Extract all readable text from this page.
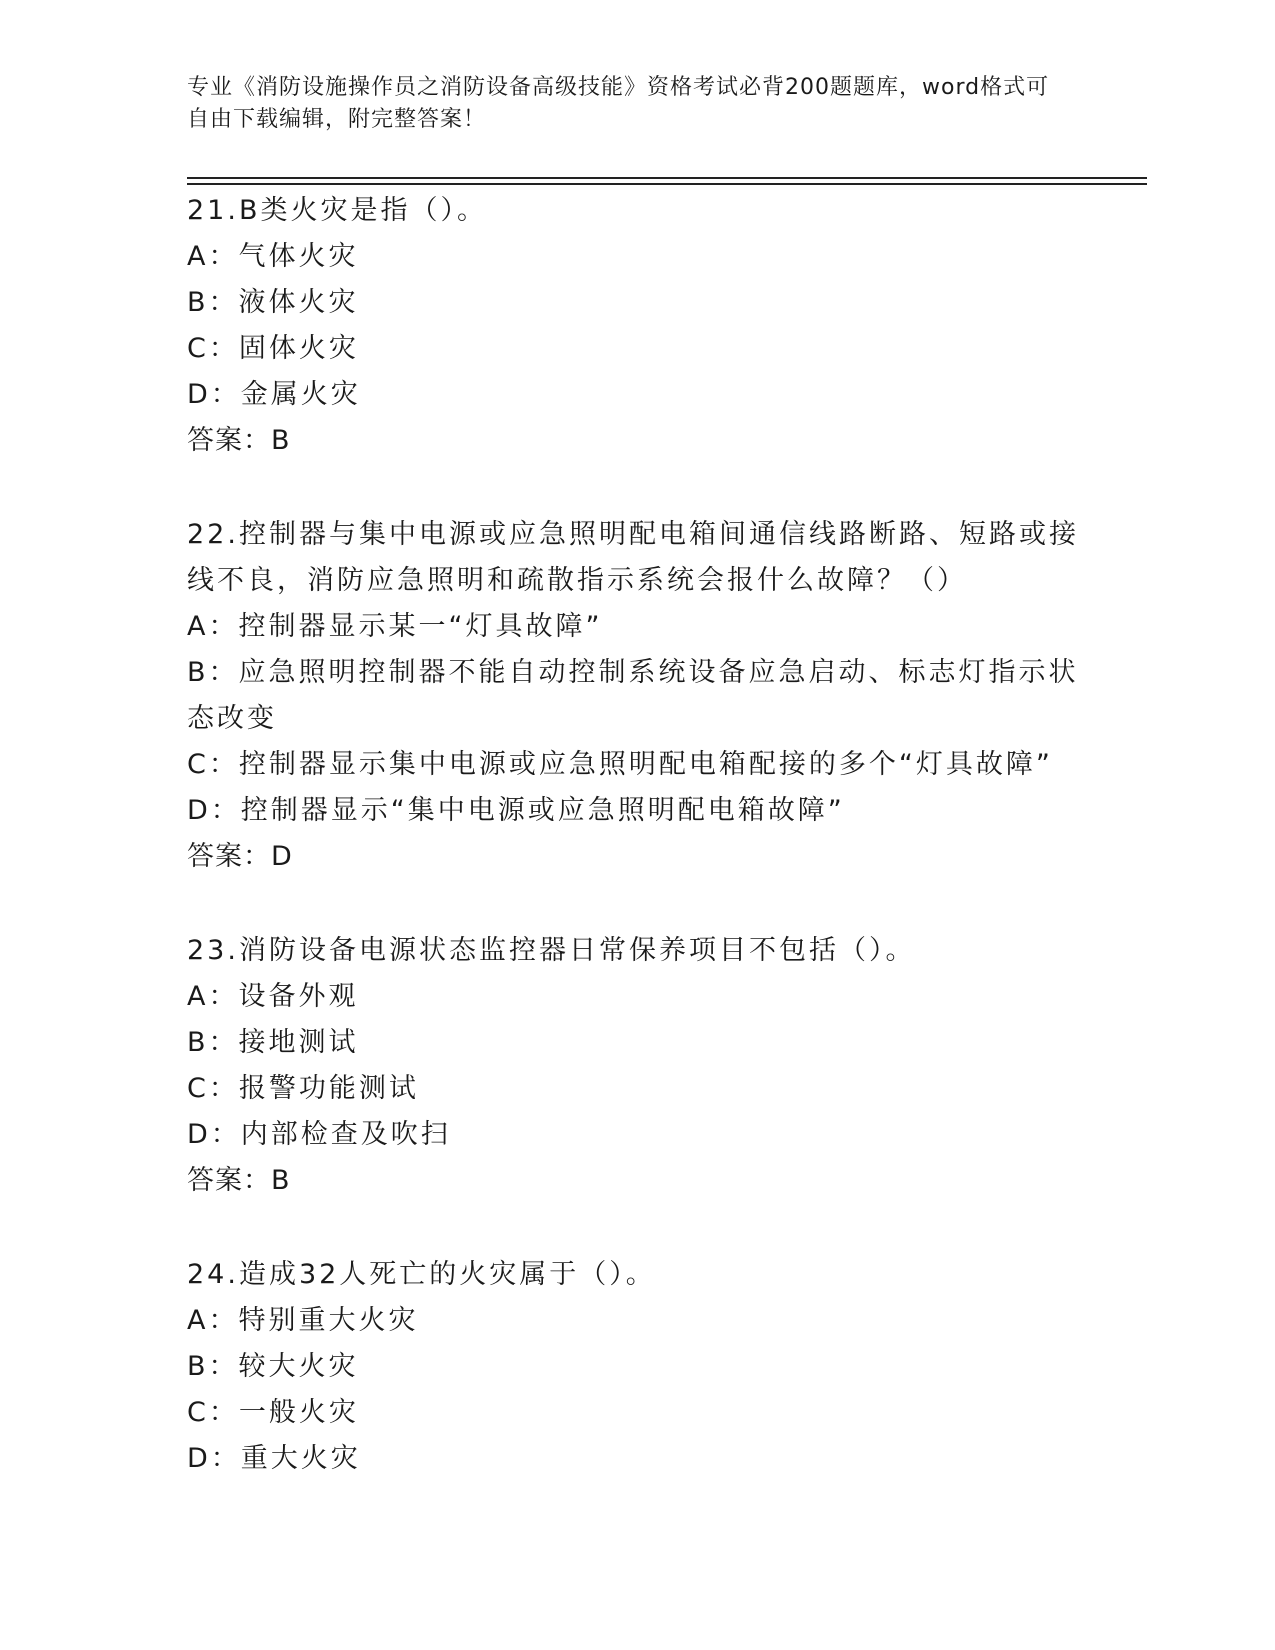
专业《消防设施操作员之消防设备高级技能》资格考试必背200题题库，word格式可自由下载编辑，附完整答案！
21.B类火灾是指（）。
A：气体火灾
B：液体火灾
C：固体火灾
D：金属火灾
答案：B
22.控制器与集中电源或应急照明配电箱间通信线路断路、短路或接线不良，消防应急照明和疏散指示系统会报什么故障？（）
A：控制器显示某一“灯具故障”
B：应急照明控制器不能自动控制系统设备应急启动、标志灯指示状态改变
C：控制器显示集中电源或应急照明配电箱配接的多个“灯具故障”
D：控制器显示“集中电源或应急照明配电箱故障”
答案：D
23.消防设备电源状态监控器日常保养项目不包括（）。
A：设备外观
B：接地测试
C：报警功能测试
D：内部检查及吹扫
答案：B
24.造成32人死亡的火灾属于（）。
A：特别重大火灾
B：较大火灾
C：一般火灾
D：重大火灾
